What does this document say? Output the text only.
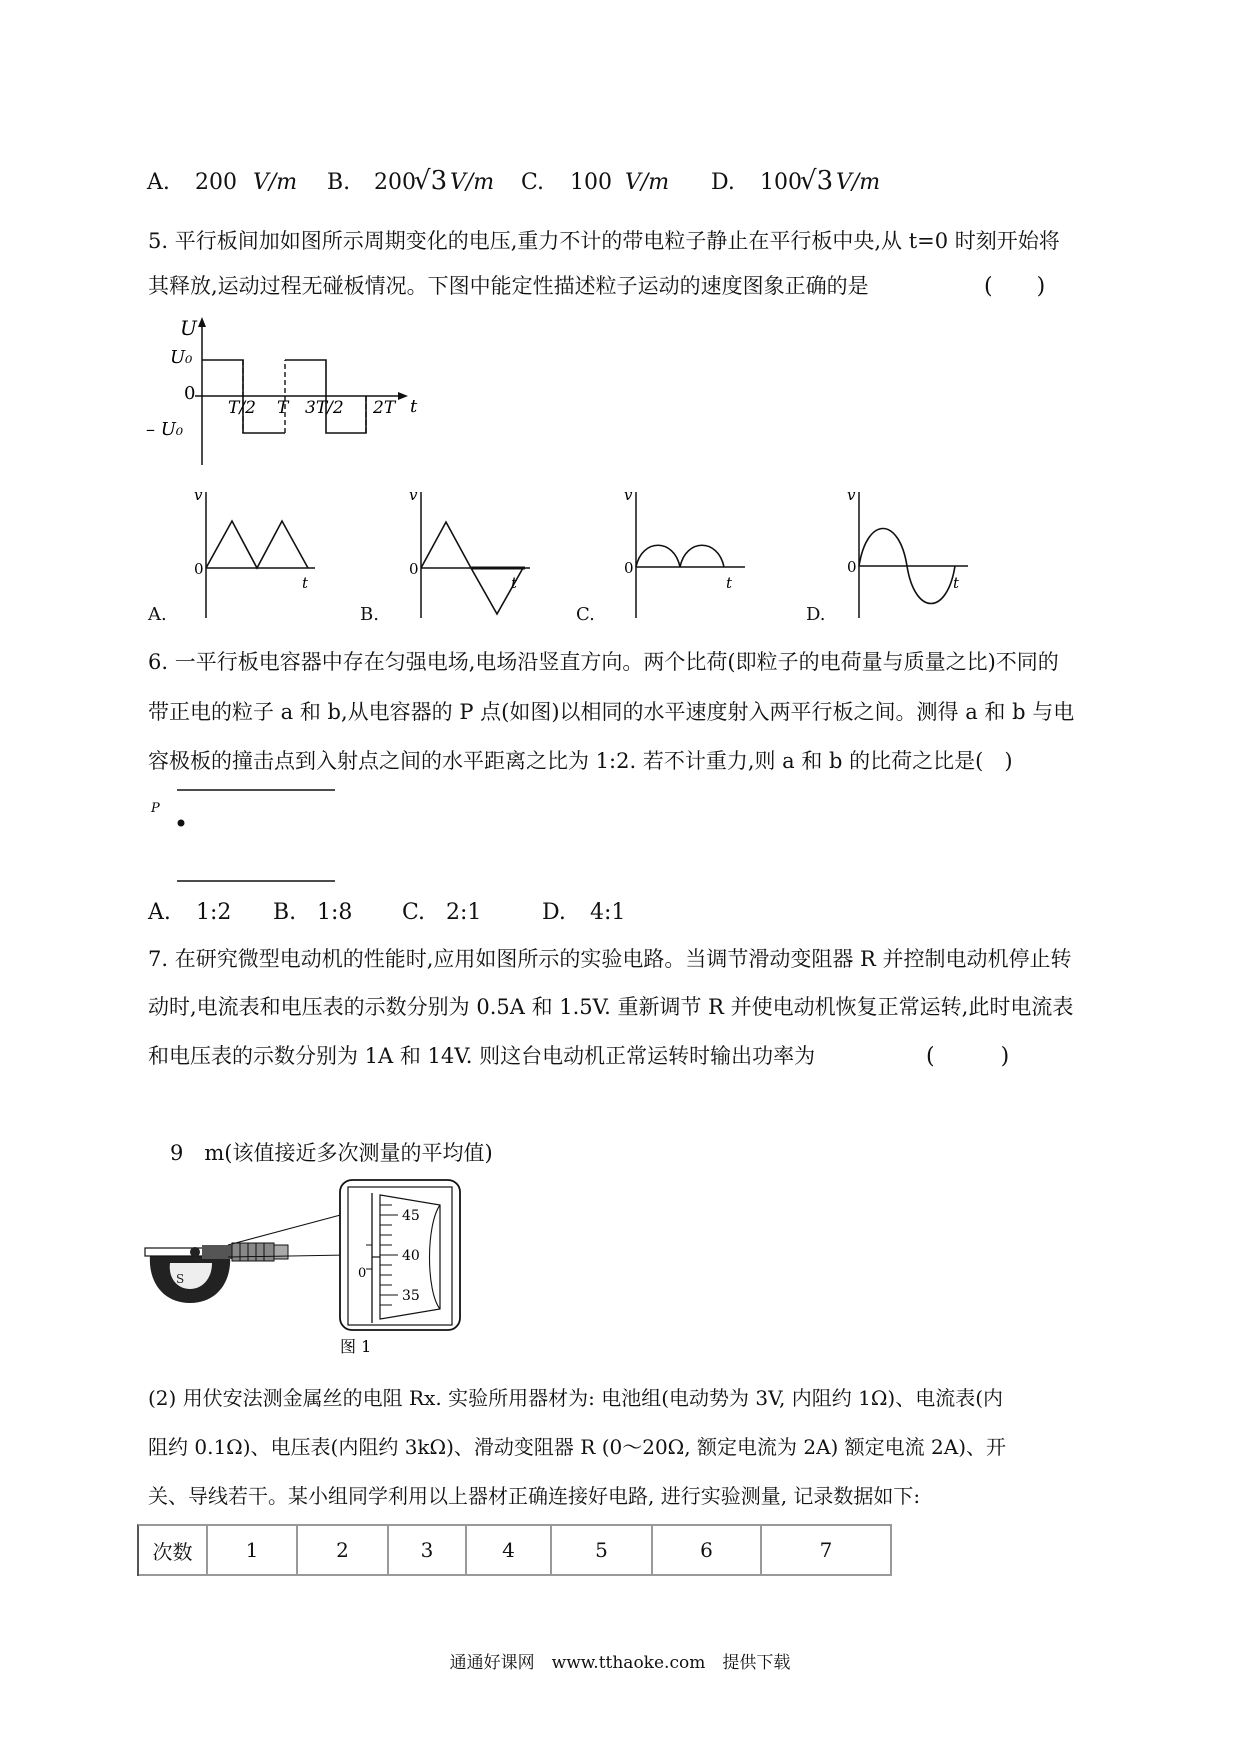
A. 200 V/m B. 200
√3 V/m C. 100 V/m D. 100
√3 V/m
5. 平行板间加如图所示周期变化的电压,重力不计的带电粒子静止在平行板中央,从 t=0 时刻开始将
其释放,运动过程无碰板情况。下图中能定性描述粒子运动的速度图象正确的是	(　　)
U
U₀
0
– U₀
t
T/2 T 3T/2 2T
v
0
t
v
0
t
v
0
t
v
0
t
A.	B.	C.	D.
6. 一平行板电容器中存在匀强电场,电场沿竖直方向。两个比荷(即粒子的电荷量与质量之比)不同的
带正电的粒子 a 和 b,从电容器的 P 点(如图)以相同的水平速度射入两平行板之间。测得 a 和 b 与电
容极板的撞击点到入射点之间的水平距离之比为 1:2. 若不计重力,则 a 和 b 的比荷之比是(　)
P
A. 1:2 B. 1:8 C. 2:1	D. 4:1
7. 在研究微型电动机的性能时,应用如图所示的实验电路。当调节滑动变阻器 R 并控制电动机停止转
动时,电流表和电压表的示数分别为 0.5A 和 1.5V. 重新调节 R 并使电动机恢复正常运转,此时电流表
和电压表的示数分别为 1A 和 14V. 则这台电动机正常运转时输出功率为	(　　　)
9　m(该值接近多次测量的平均值)
S
45
40
35
0
图 1
(2) 用伏安法测金属丝的电阻 Rx. 实验所用器材为: 电池组(电动势为 3V, 内阻约 1Ω)、电流表(内
阻约 0.1Ω)、电压表(内阻约 3kΩ)、滑动变阻器 R (0～20Ω, 额定电流为 2A) 额定电流 2A)、开
关、导线若干。某小组同学利用以上器材正确连接好电路, 进行实验测量, 记录数据如下:
次数	1	2	3	4	5	6	7
通通好课网　www.tthaoke.com　提供下载
